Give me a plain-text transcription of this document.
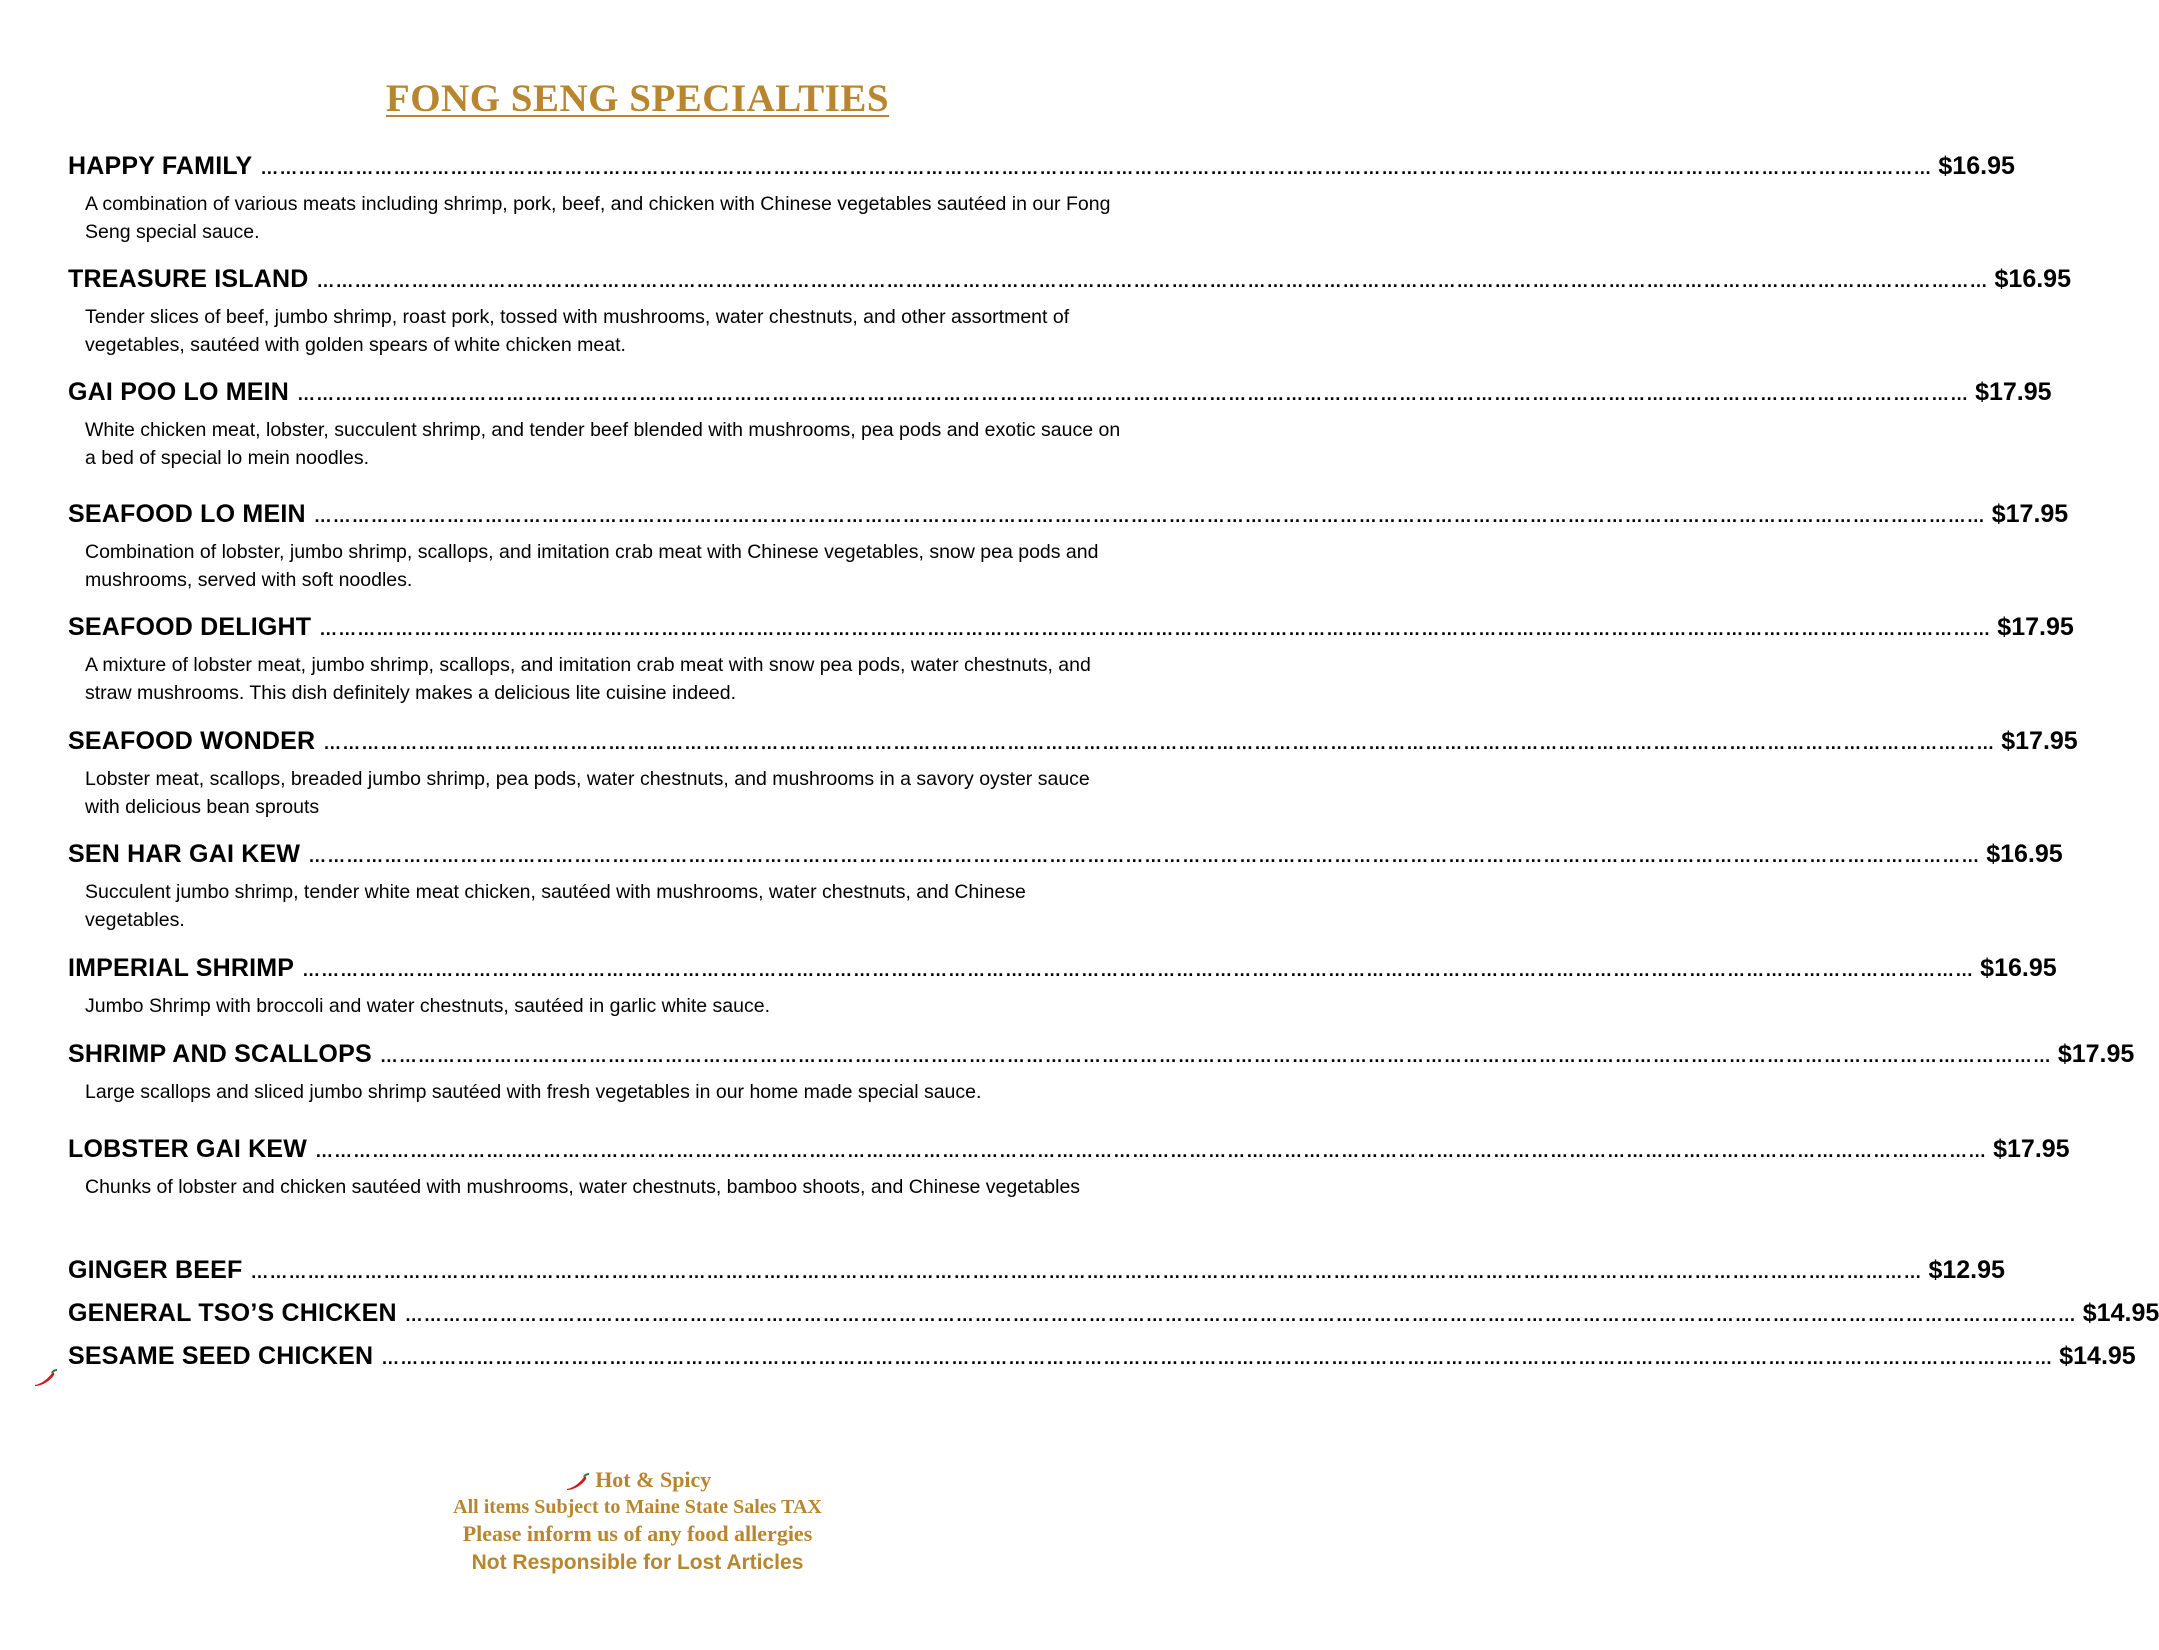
FONG SENG SPECIALTIES
HAPPY FAMILY ………………………………………………………………………………………………………………………………………………………………………………………………………………………………………… $16.95
A combination of various meats including shrimp, pork, beef, and chicken with Chinese vegetables sautéed in our Fong Seng special sauce.
TREASURE ISLAND ………………………………………………………………………………………………………………………………………………………………………………………………………………………………………… $16.95
Tender slices of beef, jumbo shrimp, roast pork, tossed with mushrooms, water chestnuts, and other assortment of vegetables, sautéed with golden spears of white chicken meat.
GAI POO LO MEIN ………………………………………………………………………………………………………………………………………………………………………………………………………………………………………… $17.95
White chicken meat, lobster, succulent shrimp, and tender beef blended with mushrooms, pea pods and exotic sauce on a bed of special lo mein noodles.
SEAFOOD LO MEIN ………………………………………………………………………………………………………………………………………………………………………………………………………………………………………… $17.95
Combination of lobster, jumbo shrimp, scallops, and imitation crab meat with Chinese vegetables, snow pea pods and mushrooms, served with soft noodles.
SEAFOOD DELIGHT ………………………………………………………………………………………………………………………………………………………………………………………………………………………………………… $17.95
A mixture of lobster meat, jumbo shrimp, scallops, and imitation crab meat with snow pea pods, water chestnuts, and straw mushrooms. This dish definitely makes a delicious lite cuisine indeed.
SEAFOOD WONDER ………………………………………………………………………………………………………………………………………………………………………………………………………………………………………… $17.95
Lobster meat, scallops, breaded jumbo shrimp, pea pods, water chestnuts, and mushrooms in a savory oyster sauce with delicious bean sprouts
SEN HAR GAI KEW ………………………………………………………………………………………………………………………………………………………………………………………………………………………………………… $16.95
Succulent jumbo shrimp, tender white meat chicken, sautéed with mushrooms, water chestnuts, and Chinese vegetables.
IMPERIAL SHRIMP ………………………………………………………………………………………………………………………………………………………………………………………………………………………………………… $16.95
Jumbo Shrimp with broccoli and water chestnuts, sautéed in garlic white sauce.
SHRIMP AND SCALLOPS ………………………………………………………………………………………………………………………………………………………………………………………………………………………………………… $17.95
Large scallops and sliced jumbo shrimp sautéed with fresh vegetables in our home made special sauce.
LOBSTER GAI KEW ………………………………………………………………………………………………………………………………………………………………………………………………………………………………………… $17.95
Chunks of lobster and chicken sautéed with mushrooms, water chestnuts, bamboo shoots, and Chinese vegetables
GINGER BEEF ………………………………………………………………………………………………………………………………………………………………………………………………………………………………………… $12.95
GENERAL TSO’S CHICKEN ………………………………………………………………………………………………………………………………………………………………………………………………………………………………………… $14.95
SESAME SEED CHICKEN ………………………………………………………………………………………………………………………………………………………………………………………………………………………………………… $14.95
Hot & Spicy
All items Subject to Maine State Sales TAX
Please inform us of any food allergies
Not Responsible for Lost Articles
